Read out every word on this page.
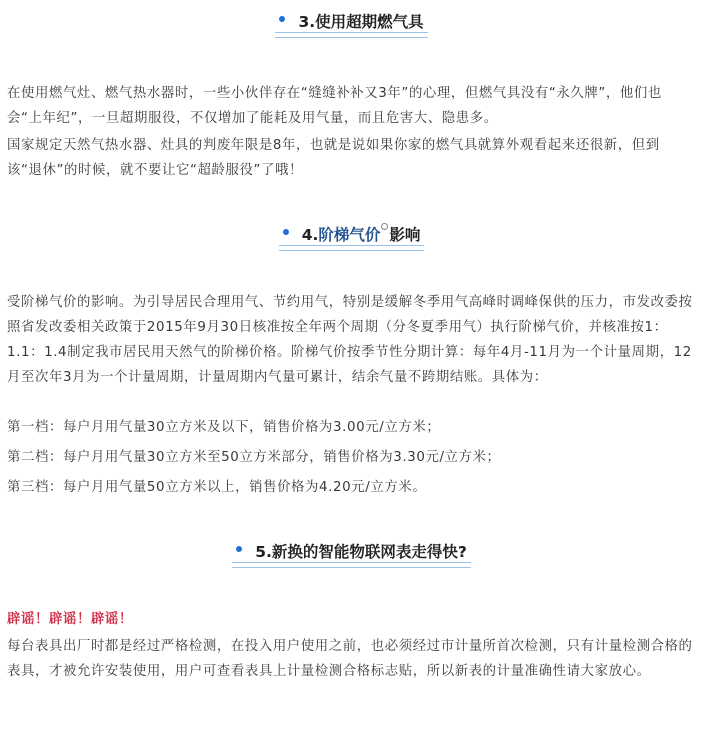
3.使用超期燃气具

在使用燃气灶、燃气热水器时，一些小伙伴存在“缝缝补补又3年”的心理，但燃气具没有“永久牌”，他们也会“上年纪”，一旦超期服役，不仅增加了能耗及用气量，而且危害大、隐患多。

国家规定天然气热水器、灶具的判废年限是8年，也就是说如果你家的燃气具就算外观看起来还很新，但到该“退休”的时候，就不要让它“超龄服役”了哦！

4.阶梯气价 影响

受阶梯气价的影响。为引导居民合理用气、节约用气，特别是缓解冬季用气高峰时调峰保供的压力，市发改委按照省发改委相关政策于2015年9月30日核准按全年两个周期（分冬夏季用气）执行阶梯气价，并核准按1：1.1：1.4制定我市居民用天然气的阶梯价格。阶梯气价按季节性分期计算：每年4月-11月为一个计量周期，12月至次年3月为一个计量周期，计量周期内气量可累计，结余气量不跨期结账。具体为：

第一档：每户月用气量30立方米及以下，销售价格为3.00元/立方米；

第二档：每户月用气量30立方米至50立方米部分，销售价格为3.30元/立方米；

第三档：每户月用气量50立方米以上，销售价格为4.20元/立方米。

5.新换的智能物联网表走得快?
辟谣！辟谣！辟谣！

每台表具出厂时都是经过严格检测，在投入用户使用之前，也必须经过市计量所首次检测，只有计量检测合格的表具，才被允许安装使用，用户可查看表具上计量检测合格标志贴，所以新表的计量准确性请大家放心。
